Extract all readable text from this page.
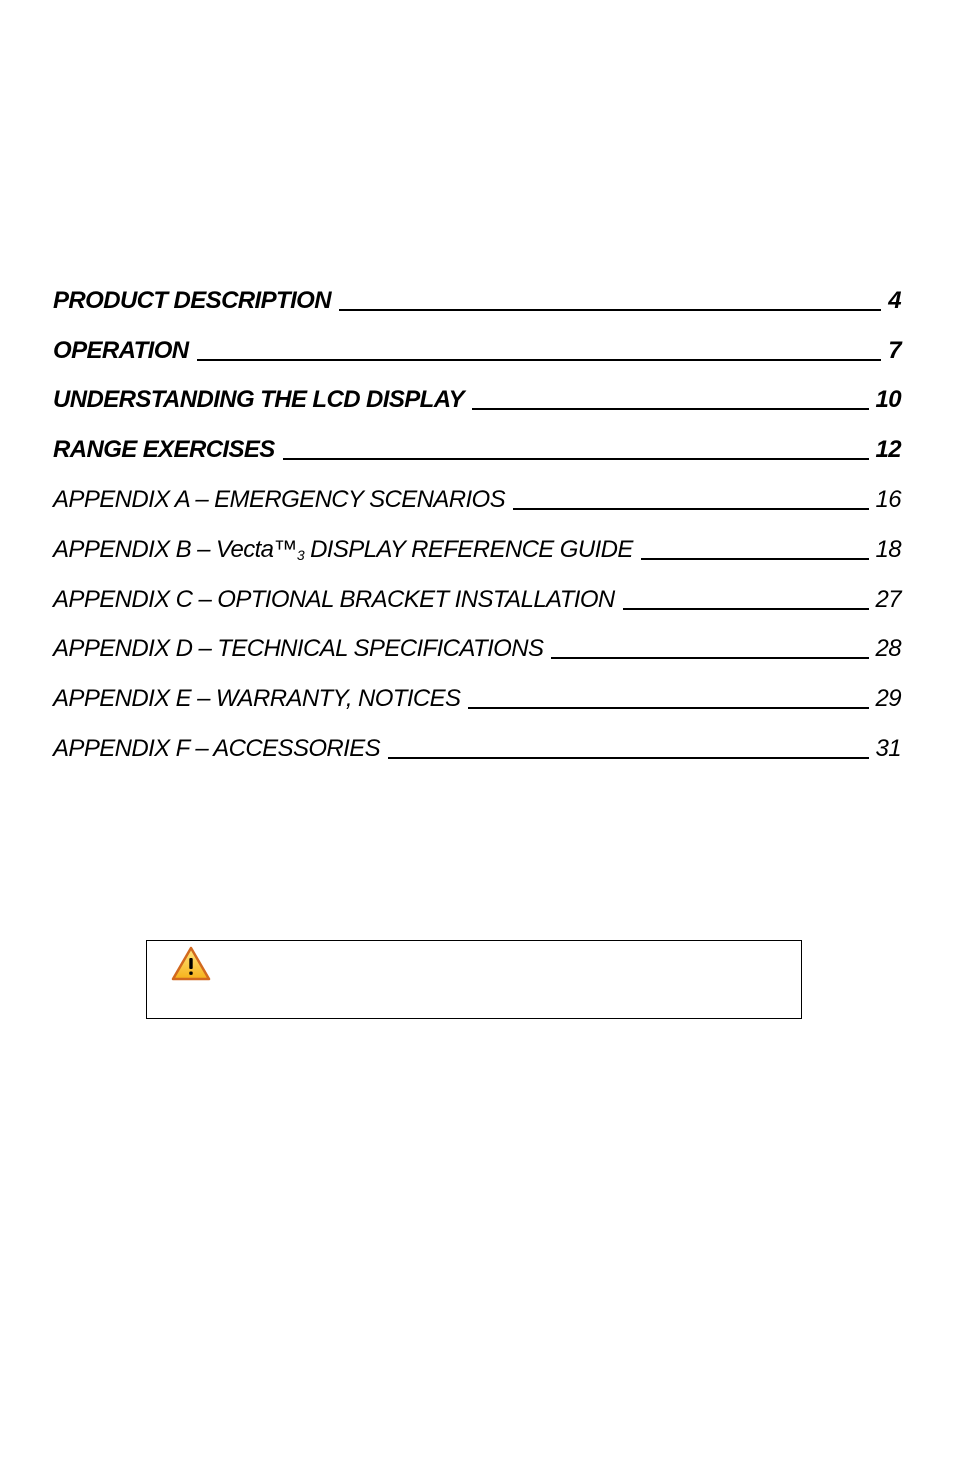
PRODUCT DESCRIPTION	4
OPERATION	7
UNDERSTANDING THE LCD DISPLAY	10
RANGE EXERCISES	12
APPENDIX A – EMERGENCY SCENARIOS	16
APPENDIX B – Vecta™3 DISPLAY REFERENCE GUIDE	18
APPENDIX C – OPTIONAL BRACKET INSTALLATION	27
APPENDIX D – TECHNICAL SPECIFICATIONS	28
APPENDIX E – WARRANTY, NOTICES	29
APPENDIX F – ACCESSORIES	31
